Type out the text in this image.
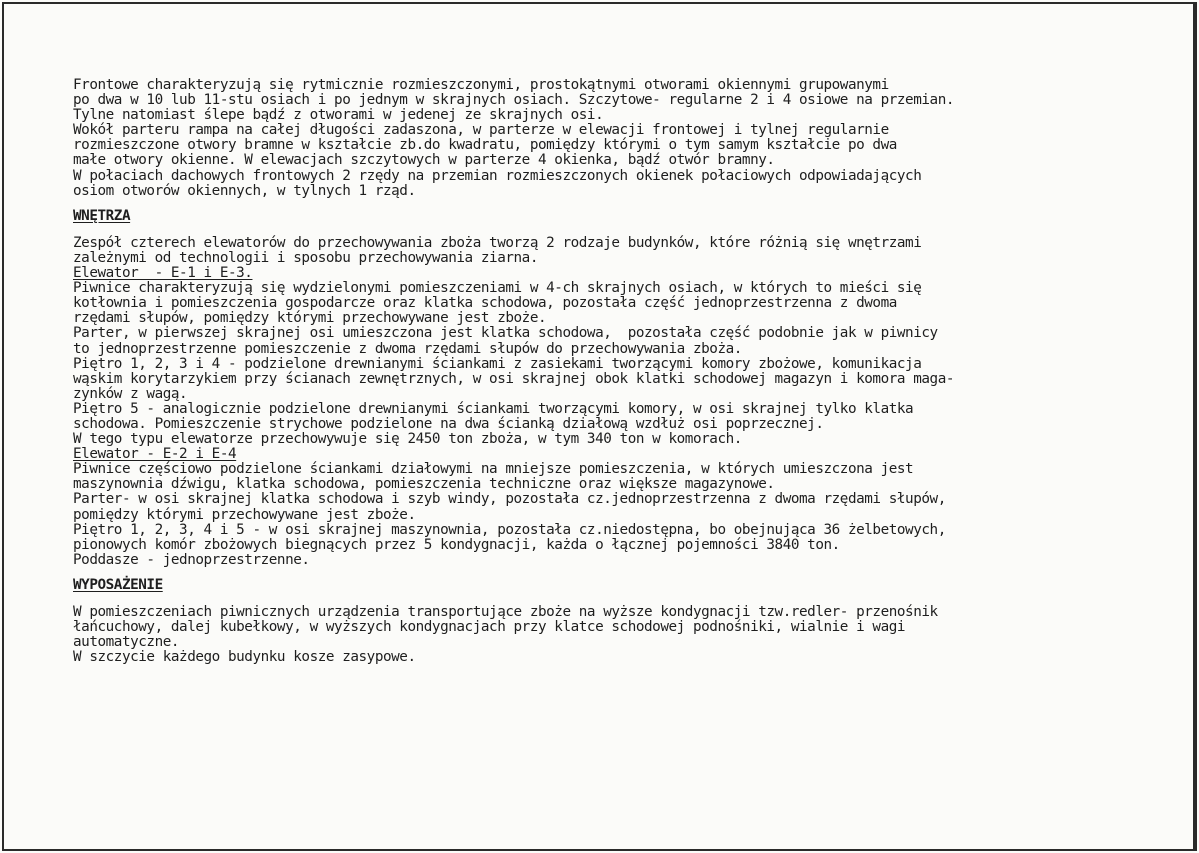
Frontowe charakteryzują się rytmicznie rozmieszczonymi, prostokątnymi otworami okiennymi grupowanymi
po dwa w 10 lub 11-stu osiach i po jednym w skrajnych osiach. Szczytowe- regularne 2 i 4 osiowe na przemian.
Tylne natomiast ślepe bądź z otworami w jedenej ze skrajnych osi.
Wokół parteru rampa na całej długości zadaszona, w parterze w elewacji frontowej i tylnej regularnie
rozmieszczone otwory bramne w kształcie zb.do kwadratu, pomiędzy którymi o tym samym kształcie po dwa
małe otwory okienne. W elewacjach szczytowych w parterze 4 okienka, bądź otwór bramny.
W połaciach dachowych frontowych 2 rzędy na przemian rozmieszczonych okienek połaciowych odpowiadających
osiom otworów okiennych, w tylnych 1 rząd.
WNĘTRZA
Zespół czterech elewatorów do przechowywania zboża tworzą 2 rodzaje budynków, które różnią się wnętrzami
zależnymi od technologii i sposobu przechowywania ziarna.
Elewator  - E-1 i E-3.
Piwnice charakteryzują się wydzielonymi pomieszczeniami w 4-ch skrajnych osiach, w których to mieści się
kotłownia i pomieszczenia gospodarcze oraz klatka schodowa, pozostała część jednoprzestrzenna z dwoma
rzędami słupów, pomiędzy którymi przechowywane jest zboże.
Parter, w pierwszej skrajnej osi umieszczona jest klatka schodowa,  pozostała część podobnie jak w piwnicy
to jednoprzestrzenne pomieszczenie z dwoma rzędami słupów do przechowywania zboża.
Piętro 1, 2, 3 i 4 - podzielone drewnianymi ściankami z zasiekami tworzącymi komory zbożowe, komunikacja
wąskim korytarzykiem przy ścianach zewnętrznych, w osi skrajnej obok klatki schodowej magazyn i komora maga-
zynków z wagą.
Piętro 5 - analogicznie podzielone drewnianymi ściankami tworzącymi komory, w osi skrajnej tylko klatka
schodowa. Pomieszczenie strychowe podzielone na dwa ścianką działową wzdłuż osi poprzecznej.
W tego typu elewatorze przechowywuje się 2450 ton zboża, w tym 340 ton w komorach.
Elewator - E-2 i E-4
Piwnice częściowo podzielone ściankami działowymi na mniejsze pomieszczenia, w których umieszczona jest
maszynownia dźwigu, klatka schodowa, pomieszczenia techniczne oraz większe magazynowe.
Parter- w osi skrajnej klatka schodowa i szyb windy, pozostała cz.jednoprzestrzenna z dwoma rzędami słupów,
pomiędzy którymi przechowywane jest zboże.
Piętro 1, 2, 3, 4 i 5 - w osi skrajnej maszynownia, pozostała cz.niedostępna, bo obejnująca 36 żelbetowych,
pionowych komór zbożowych biegnących przez 5 kondygnacji, każda o łącznej pojemności 3840 ton.
Poddasze - jednoprzestrzenne.
WYPOSAŻENIE
W pomieszczeniach piwnicznych urządzenia transportujące zboże na wyższe kondygnacji tzw.redler- przenośnik
łańcuchowy, dalej kubełkowy, w wyższych kondygnacjach przy klatce schodowej podnośniki, wialnie i wagi
automatyczne.
W szczycie każdego budynku kosze zasypowe.
